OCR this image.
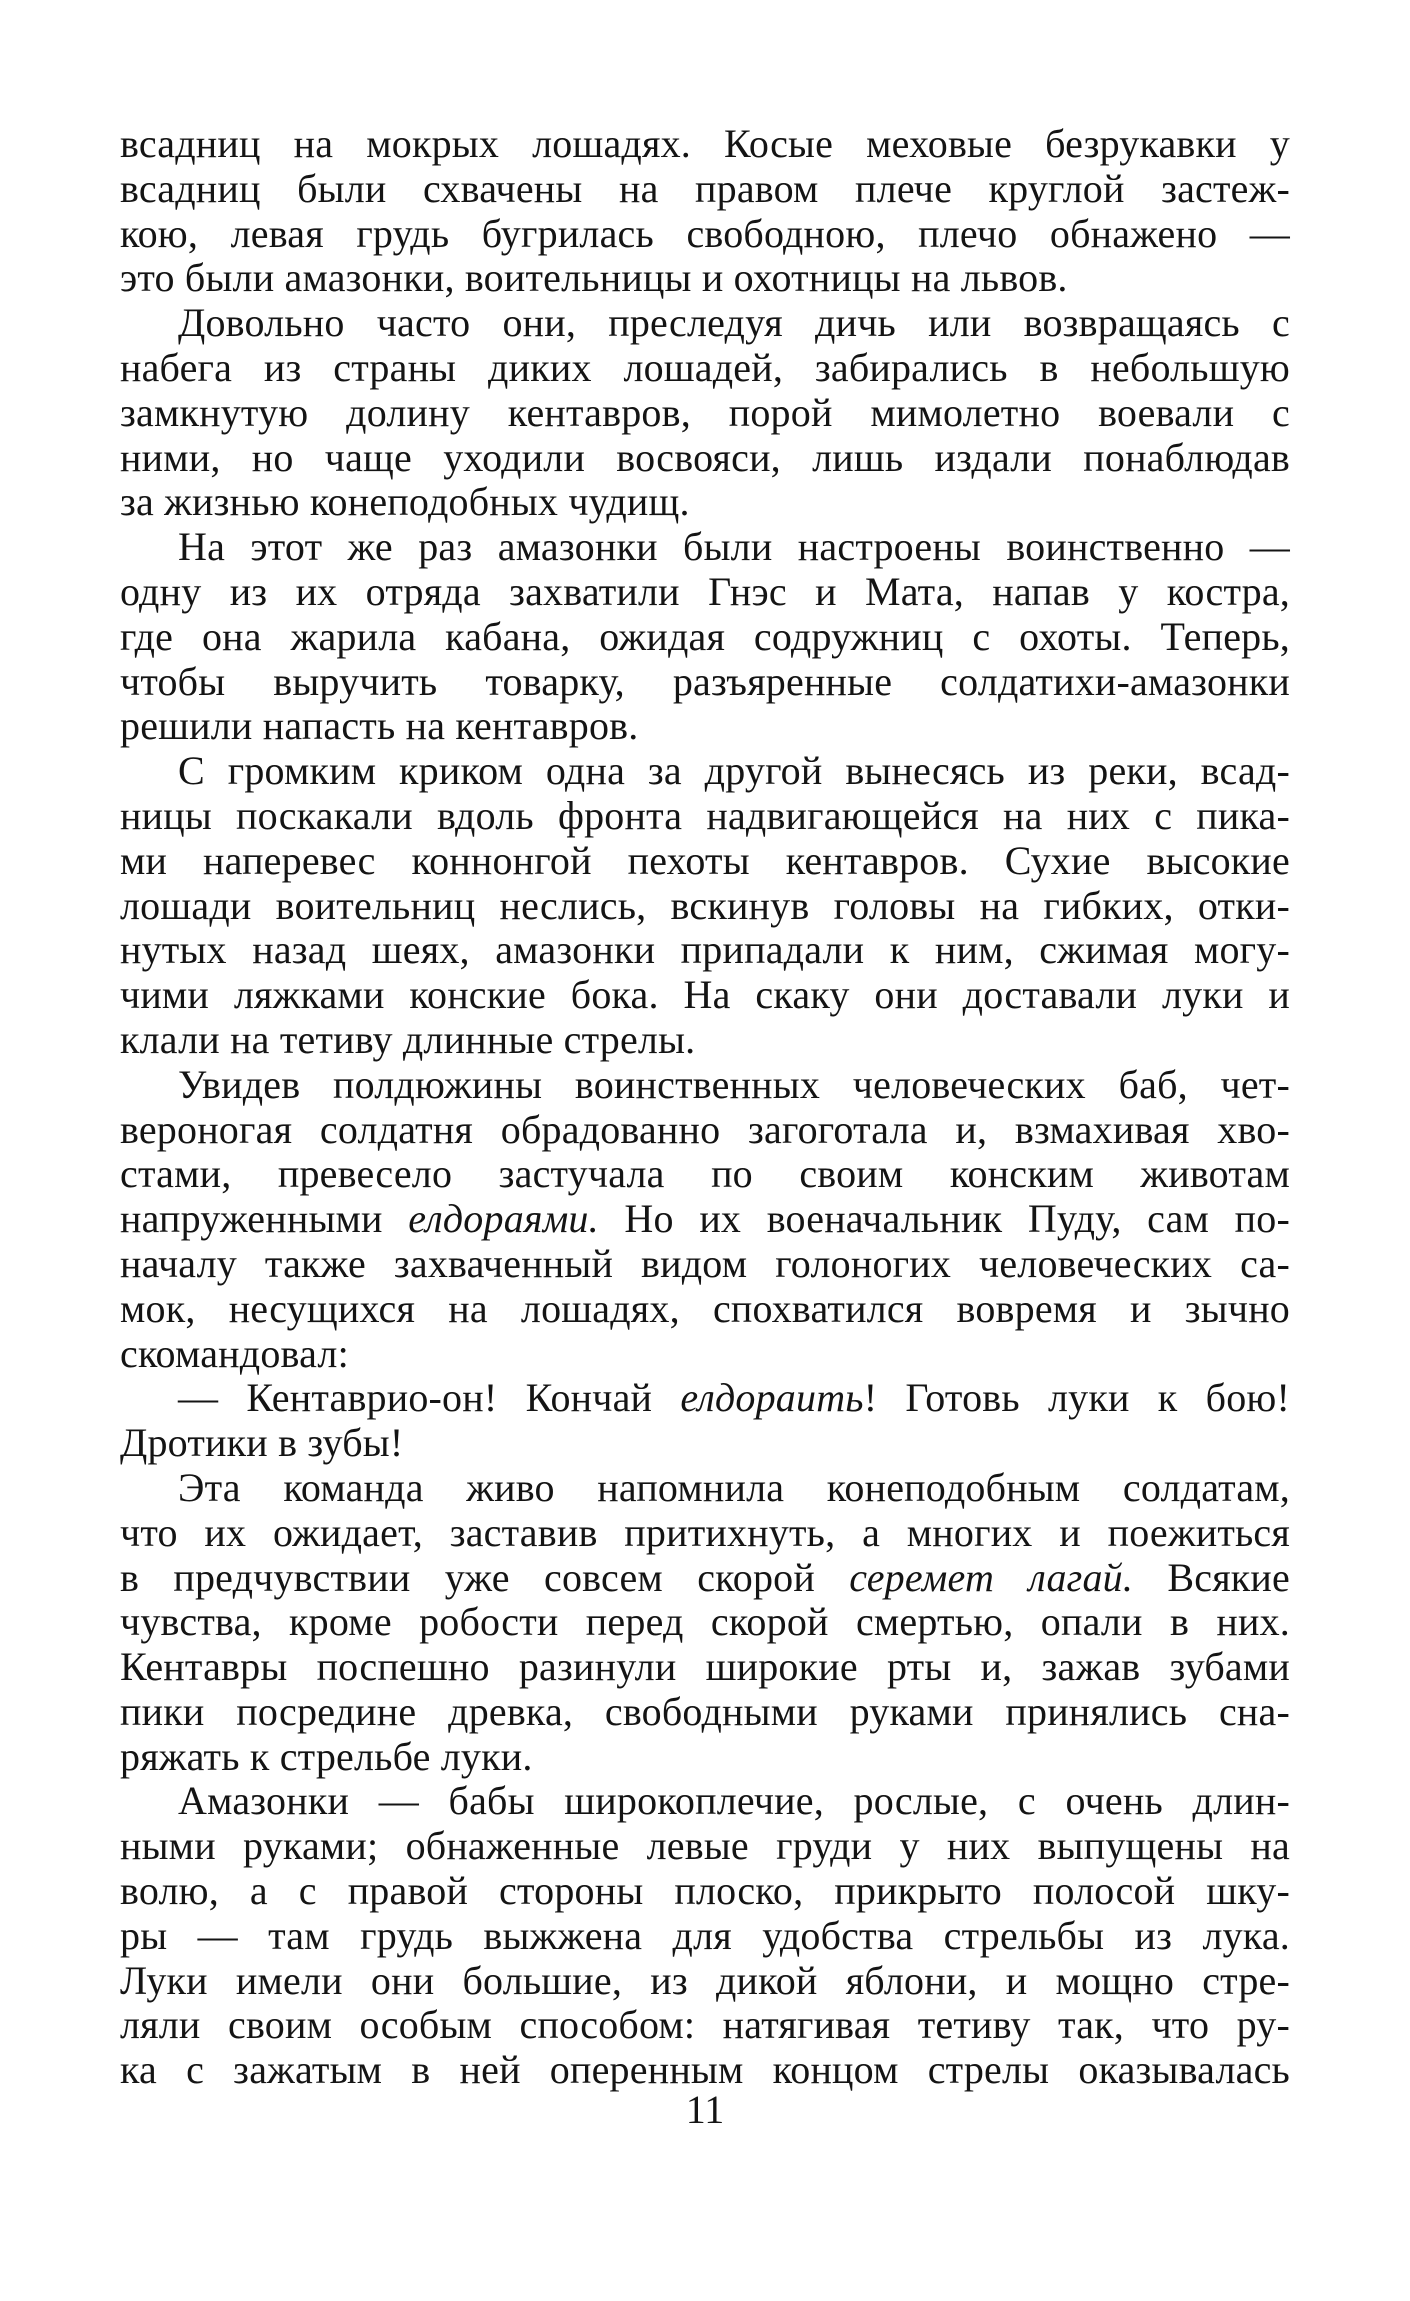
всадниц на мокрых лошадях. Косые меховые безрукавки у
всадниц были схвачены на правом плече круглой застеж-
кою, левая грудь бугрилась свободною, плечо обнажено —
это были амазонки, воительницы и охотницы на львов.
Довольно часто они, преследуя дичь или возвращаясь с
набега из страны диких лошадей, забирались в небольшую
замкнутую долину кентавров, порой мимолетно воевали с
ними, но чаще уходили восвояси, лишь издали понаблюдав
за жизнью конеподобных чудищ.
На этот же раз амазонки были настроены воинственно —
одну из их отряда захватили Гнэс и Мата, напав у костра,
где она жарила кабана, ожидая содружниц с охоты. Теперь,
чтобы выручить товарку, разъяренные солдатихи-амазонки
решили напасть на кентавров.
С громким криком одна за другой вынесясь из реки, всад-
ницы поскакали вдоль фронта надвигающейся на них с пика-
ми наперевес коннонгой пехоты кентавров. Сухие высокие
лошади воительниц неслись, вскинув головы на гибких, отки-
нутых назад шеях, амазонки припадали к ним, сжимая могу-
чими ляжками конские бока. На скаку они доставали луки и
клали на тетиву длинные стрелы.
Увидев полдюжины воинственных человеческих баб, чет-
вероногая солдатня обрадованно загоготала и, взмахивая хво-
стами, превесело застучала по своим конским животам
напруженными елдораями. Но их военачальник Пуду, сам по-
началу также захваченный видом голоногих человеческих са-
мок, несущихся на лошадях, спохватился вовремя и зычно
скомандовал:
— Кентаврио-он! Кончай елдораить! Готовь луки к бою!
Дротики в зубы!
Эта команда живо напомнила конеподобным солдатам,
что их ожидает, заставив притихнуть, а многих и поежиться
в предчувствии уже совсем скорой серемет лагай. Всякие
чувства, кроме робости перед скорой смертью, опали в них.
Кентавры поспешно разинули широкие рты и, зажав зубами
пики посредине древка, свободными руками принялись сна-
ряжать к стрельбе луки.
Амазонки — бабы широкоплечие, рослые, с очень длин-
ными руками; обнаженные левые груди у них выпущены на
волю, а с правой стороны плоско, прикрыто полосой шку-
ры — там грудь выжжена для удобства стрельбы из лука.
Луки имели они большие, из дикой яблони, и мощно стре-
ляли своим особым способом: натягивая тетиву так, что ру-
ка с зажатым в ней оперенным концом стрелы оказывалась
11
